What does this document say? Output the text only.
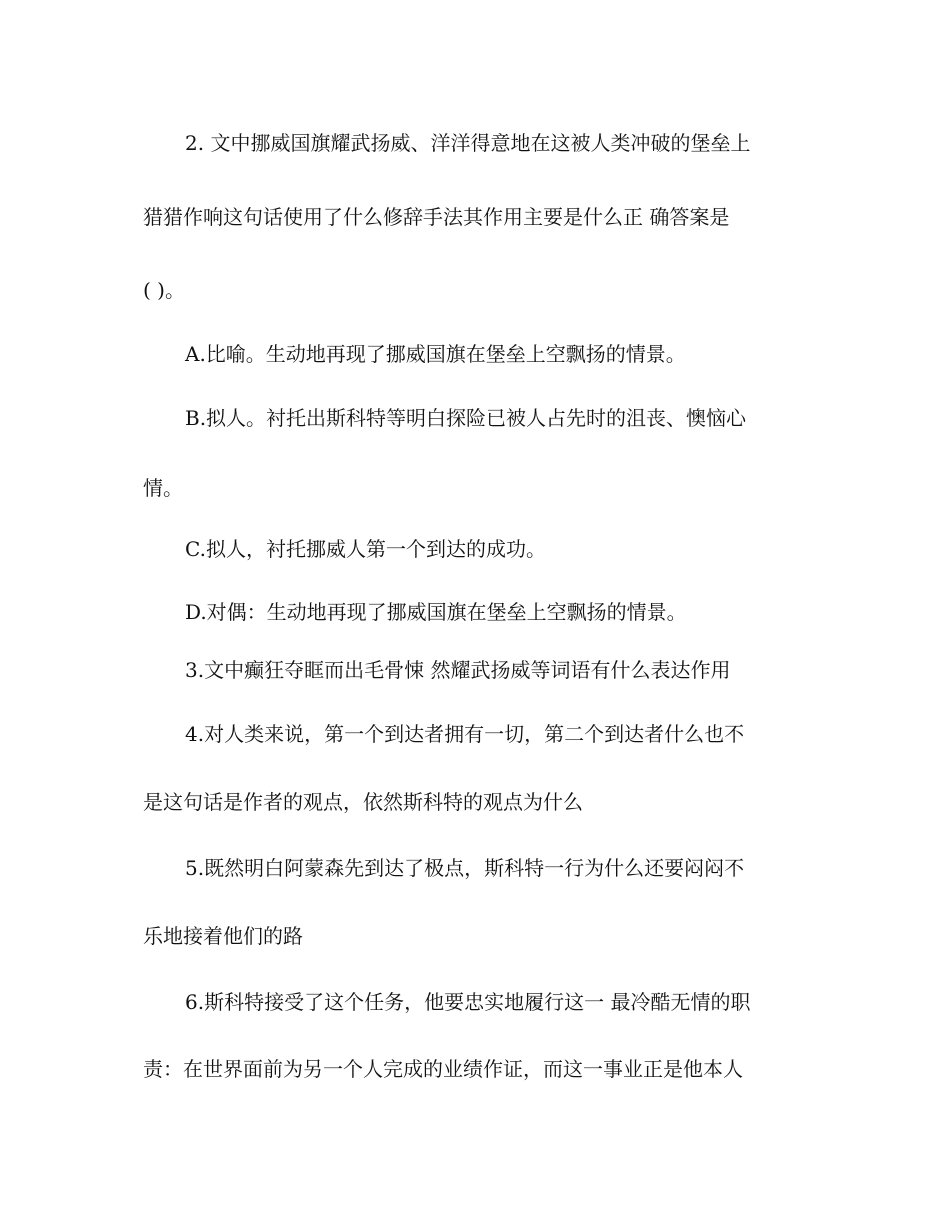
2. 文中挪威国旗耀武扬威、洋洋得意地在这被人类冲破的堡垒上

猎猎作响这句话使用了什么修辞手法其作用主要是什么正 确答案是

( )。

A.比喻。生动地再现了挪威国旗在堡垒上空飘扬的情景。

B.拟人。衬托出斯科特等明白探险已被人占先时的沮丧、懊恼心

情。

C.拟人，衬托挪威人第一个到达的成功。

D.对偶：生动地再现了挪威国旗在堡垒上空飘扬的情景。

3.文中癫狂夺眶而出毛骨悚 然耀武扬威等词语有什么表达作用

4.对人类来说，第一个到达者拥有一切，第二个到达者什么也不

是这句话是作者的观点，依然斯科特的观点为什么

5.既然明白阿蒙森先到达了极点，斯科特一行为什么还要闷闷不

乐地接着他们的路

6.斯科特接受了这个任务，他要忠实地履行这一 最冷酷无情的职

责：在世界面前为另一个人完成的业绩作证，而这一事业正是他本人
